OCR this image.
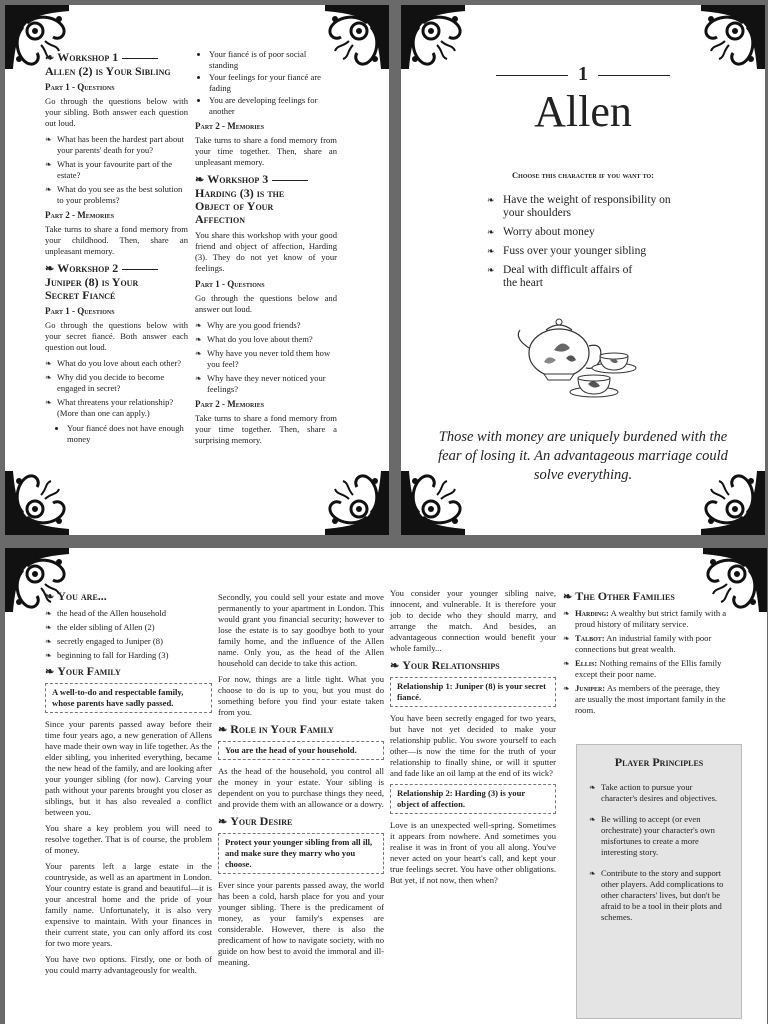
❧ Workshop 1
Allen (2) is Your Sibling
Part 1 - Questions

Go through the questions below with your sibling. Both answer each question out loud.

❧ What has been the hardest part about your parents' death for you?
❧ What is your favourite part of the estate?
❧ What do you see as the best solution to your problems?
Part 2 - Memories

Take turns to share a fond memory from your childhood. Then, share an unpleasant memory.

❧ Workshop 2
Juniper (8) is Your
Secret Fiancé
Part 1 - Questions

Go through the questions below with your secret fiancé. Both answer each question out loud.

❧ What do you love about each other?
❧ Why did you decide to become engaged in secret?
❧ What threatens your relationship? (More than one can apply.)
• Your fiancé does not have enough money
• Your fiancé is of poor social standing
• Your feelings for your fiancé are fading
• You are developing feelings for another
Part 2 - Memories

Take turns to share a fond memory from your time together. Then, share an unpleasant memory.

❧ Workshop 3
Harding (3) is the
Object of Your
Affection

You share this workshop with your good friend and object of affection, Harding (3). They do not yet know of your feelings.

Part 1 - Questions

Go through the questions below and answer out loud.

❧ Why are you good friends?
❧ What do you love about them?
❧ Why have you never told them how you feel?
❧ Why have they never noticed your feelings?
Part 2 - Memories

Take turns to share a fond memory from your time together. Then, share a surprising memory.

1
Allen
Choose this character if you want to:
❧ Have the weight of responsibility on your shoulders
❧ Worry about money
❧ Fuss over your younger sibling
❧ Deal with difficult affairs of the heart
Those with money are uniquely burdened with the fear of losing it. An advantageous marriage could solve everything.
❧ You are...
❧ the head of the Allen household
❧ the elder sibling of Allen (2)
❧ secretly engaged to Juniper (8)
❧ beginning to fall for Harding (3)
❧ Your Family
A well-to-do and respectable family, whose parents have sadly passed.

Since your parents passed away before their time four years ago, a new generation of Allens have made their own way in life together. As the elder sibling, you inherited everything, became the new head of the family, and are looking after your younger sibling (for now). Carving your path without your parents brought you closer as siblings, but it has also revealed a conflict between you.

You share a key problem you will need to resolve together. That is of course, the problem of money.

Your parents left a large estate in the countryside, as well as an apartment in London. Your country estate is grand and beautiful—it is your ancestral home and the pride of your family name. Unfortunately, it is also very expensive to maintain. With your finances in their current state, you can only afford its cost for two more years.

You have two options. Firstly, one or both of you could marry advantageously for wealth.

Secondly, you could sell your estate and move permanently to your apartment in London. This would grant you financial security; however to lose the estate is to say goodbye both to your family home, and the influence of the Allen name. Only you, as the head of the Allen household can decide to take this action.

For now, things are a little tight. What you choose to do is up to you, but you must do something before you find your estate taken from you.

❧ Role in Your Family
You are the head of your household.

As the head of the household, you control all the money in your estate. Your sibling is dependent on you to purchase things they need, and provide them with an allowance or a dowry.

❧ Your Desire
Protect your younger sibling from all ill, and make sure they marry who you choose.

Ever since your parents passed away, the world has been a cold, harsh place for you and your younger sibling. There is the predicament of money, as your family's expenses are considerable. However, there is also the predicament of how to navigate society, with no guide on how best to avoid the immoral and ill-meaning.

You consider your younger sibling naive, innocent, and vulnerable. It is therefore your job to decide who they should marry, and arrange the match. And besides, an advantageous connection would benefit your whole family...

❧ Your Relationships
Relationship 1: Juniper (8) is your secret fiancé.

You have been secretly engaged for two years, but have not yet decided to make your relationship public. You swore yourself to each other—is now the time for the truth of your relationship to finally shine, or will it sputter and fade like an oil lamp at the end of its wick?

Relationship 2: Harding (3) is your object of affection.

Love is an unexpected well-spring. Sometimes it appears from nowhere. And sometimes you realise it was in front of you all along. You've never acted on your heart's call, and kept your true feelings secret. You have other obligations. But yet, if not now, then when?

❧ The Other Families
❧ Harding: A wealthy but strict family with a proud history of military service.
❧ Talbot: An industrial family with poor connections but great wealth.
❧ Ellis: Nothing remains of the Ellis family except their poor name.
❧ Juniper: As members of the peerage, they are usually the most important family in the room.
Player Principles
❧ Take action to pursue your character's desires and objectives.
❧ Be willing to accept (or even orchestrate) your character's own misfortunes to create a more interesting story.
❧ Contribute to the story and support other players. Add complications to other characters' lives, but don't be afraid to be a tool in their plots and schemes.
